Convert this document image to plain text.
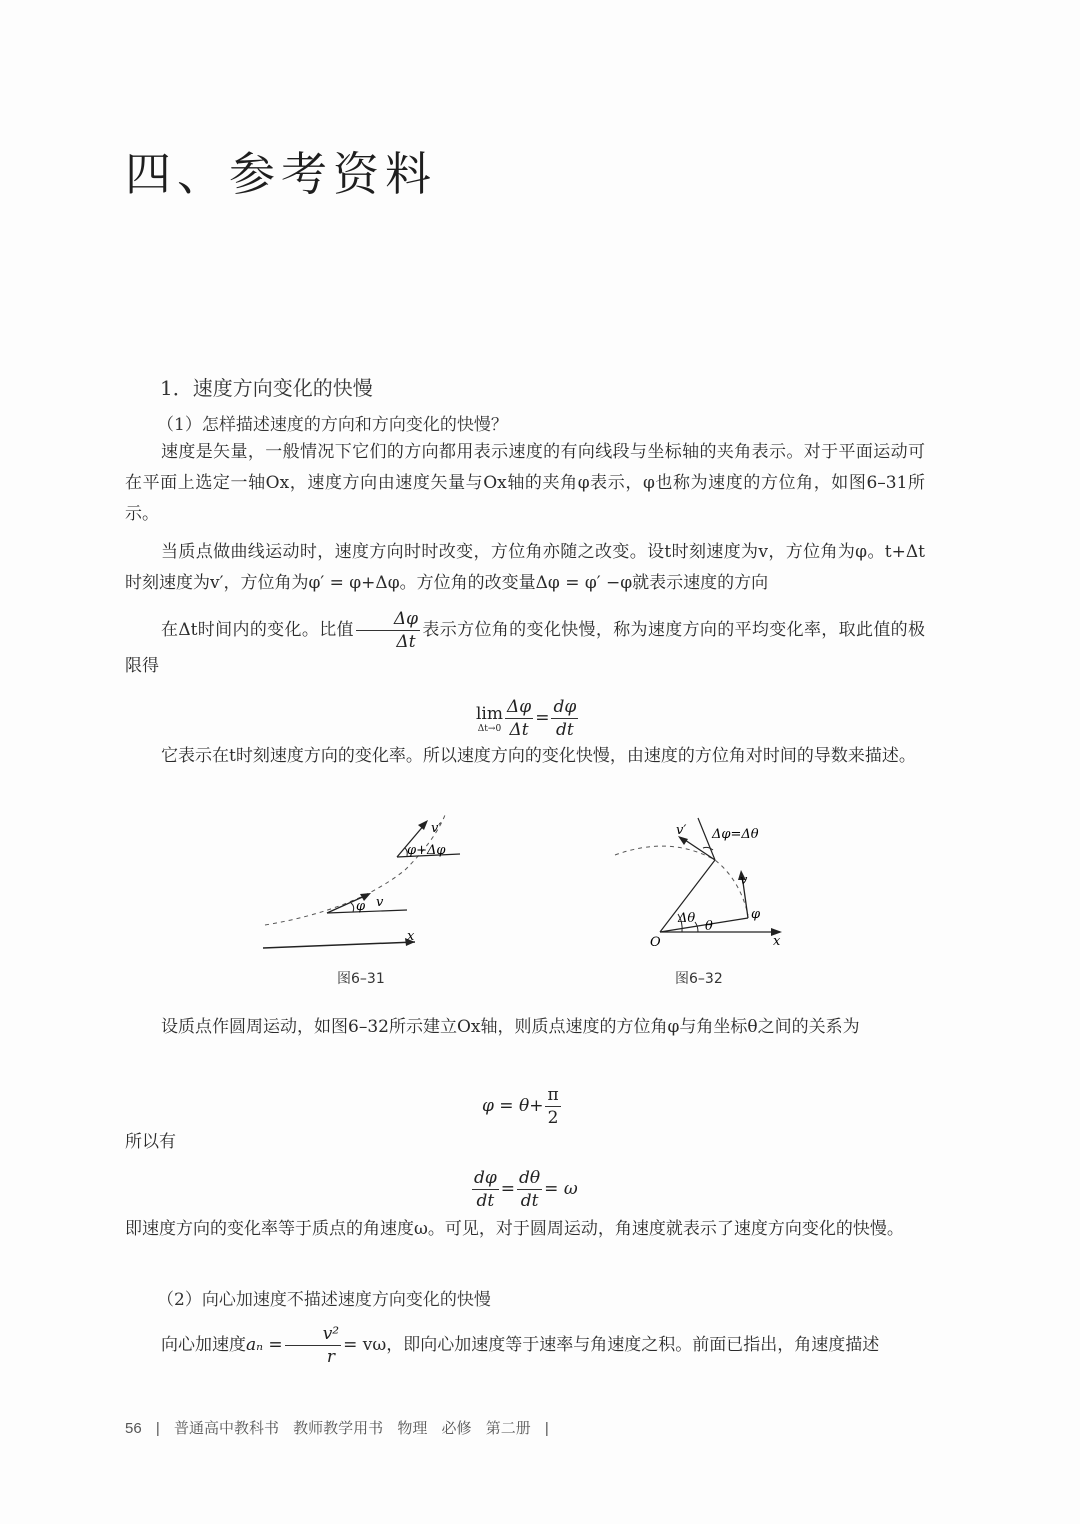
四、参考资料
1．速度方向变化的快慢
（1）怎样描述速度的方向和方向变化的快慢？

速度是矢量，一般情况下它们的方向都用表示速度的有向线段与坐标轴的夹角表示。对于平面运动可在平面上选定一轴Ox，速度方向由速度矢量与Ox轴的夹角φ表示，φ也称为速度的方位角，如图6–31所示。

当质点做曲线运动时，速度方向时时改变，方位角亦随之改变。设t时刻速度为v，方位角为φ。t+Δt时刻速度为v′，方位角为φ′ = φ+Δφ。方位角的改变量Δφ = φ′ −φ就表示速度的方向

在Δt时间内的变化。比值 $\frac{\Delta\varphi}{\Delta t}$ 表示方位角的变化快慢，称为速度方向的平均变化率，取此值的极限得
lim
$\Delta t\to 0 \frac{\Delta\varphi}{\Delta t} = \frac{d\varphi}{dt}$

它表示在t时刻速度方向的变化率。所以速度方向的变化快慢，由速度的方位角对时间的导数来描述。

v′
φ+Δφ
φ v
x
图6–31
v′ Δφ=Δθ
v
Δθ
θ
φ
O	x
图6–32

设质点作圆周运动，如图6–32所示建立Ox轴，则质点速度的方位角φ与角坐标θ之间的关系为

$\varphi = \theta+ \frac{\pi}{2}$

所以有

$\frac{d\varphi}{dt} = \frac{d\theta}{dt} = \omega$

即速度方向的变化率等于质点的角速度ω。可见，对于圆周运动，角速度就表示了速度方向变化的快慢。

（2）向心加速度不描述速度方向变化的快慢
向心加速度$a_n = \frac{\text{v²}}{r} = v\omega$，即向心加速度等于速率与角速度之积。前面已指出，角速度描述
56 | 普通高中教科书 教师教学用书 物理 必修 第二册 |
